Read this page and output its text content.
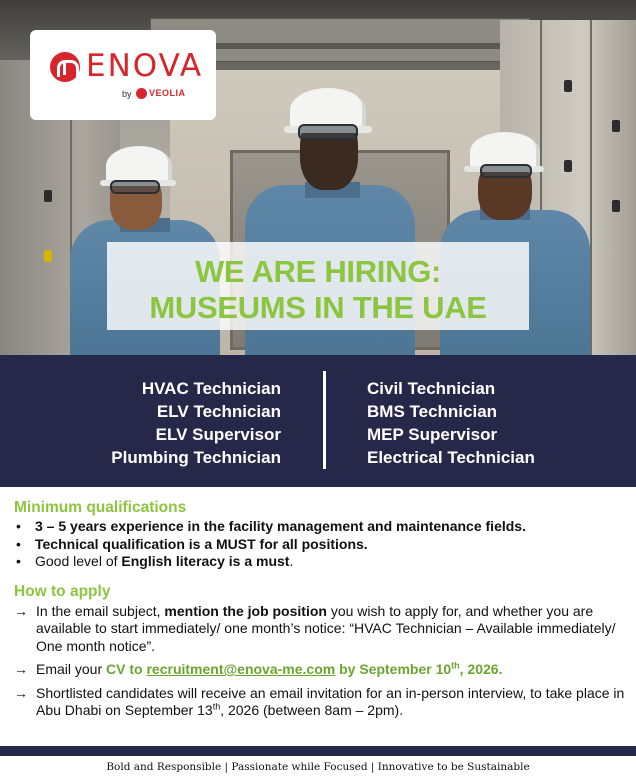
ENOVA
by VEOLIA
WE ARE HIRING:
MUSEUMS IN THE UAE
HVAC Technician
ELV Technician
ELV Supervisor
Plumbing Technician
Civil Technician
BMS Technician
MEP Supervisor
Electrical Technician
Minimum qualifications
• 3 – 5 years experience in the facility management and maintenance fields.
• Technical qualification is a MUST for all positions.
• Good level of English literacy is a must.
How to apply
→ In the email subject, mention the job position you wish to apply for, and whether you are available to start immediately/ one month’s notice: “HVAC Technician – Available immediately/ One month notice”.
→ Email your CV to recruitment@enova-me.com by September 10th, 2026.
→ Shortlisted candidates will receive an email invitation for an in-person interview, to take place in Abu Dhabi on September 13th, 2026 (between 8am – 2pm).
Bold and Responsible | Passionate while Focused | Innovative to be Sustainable
